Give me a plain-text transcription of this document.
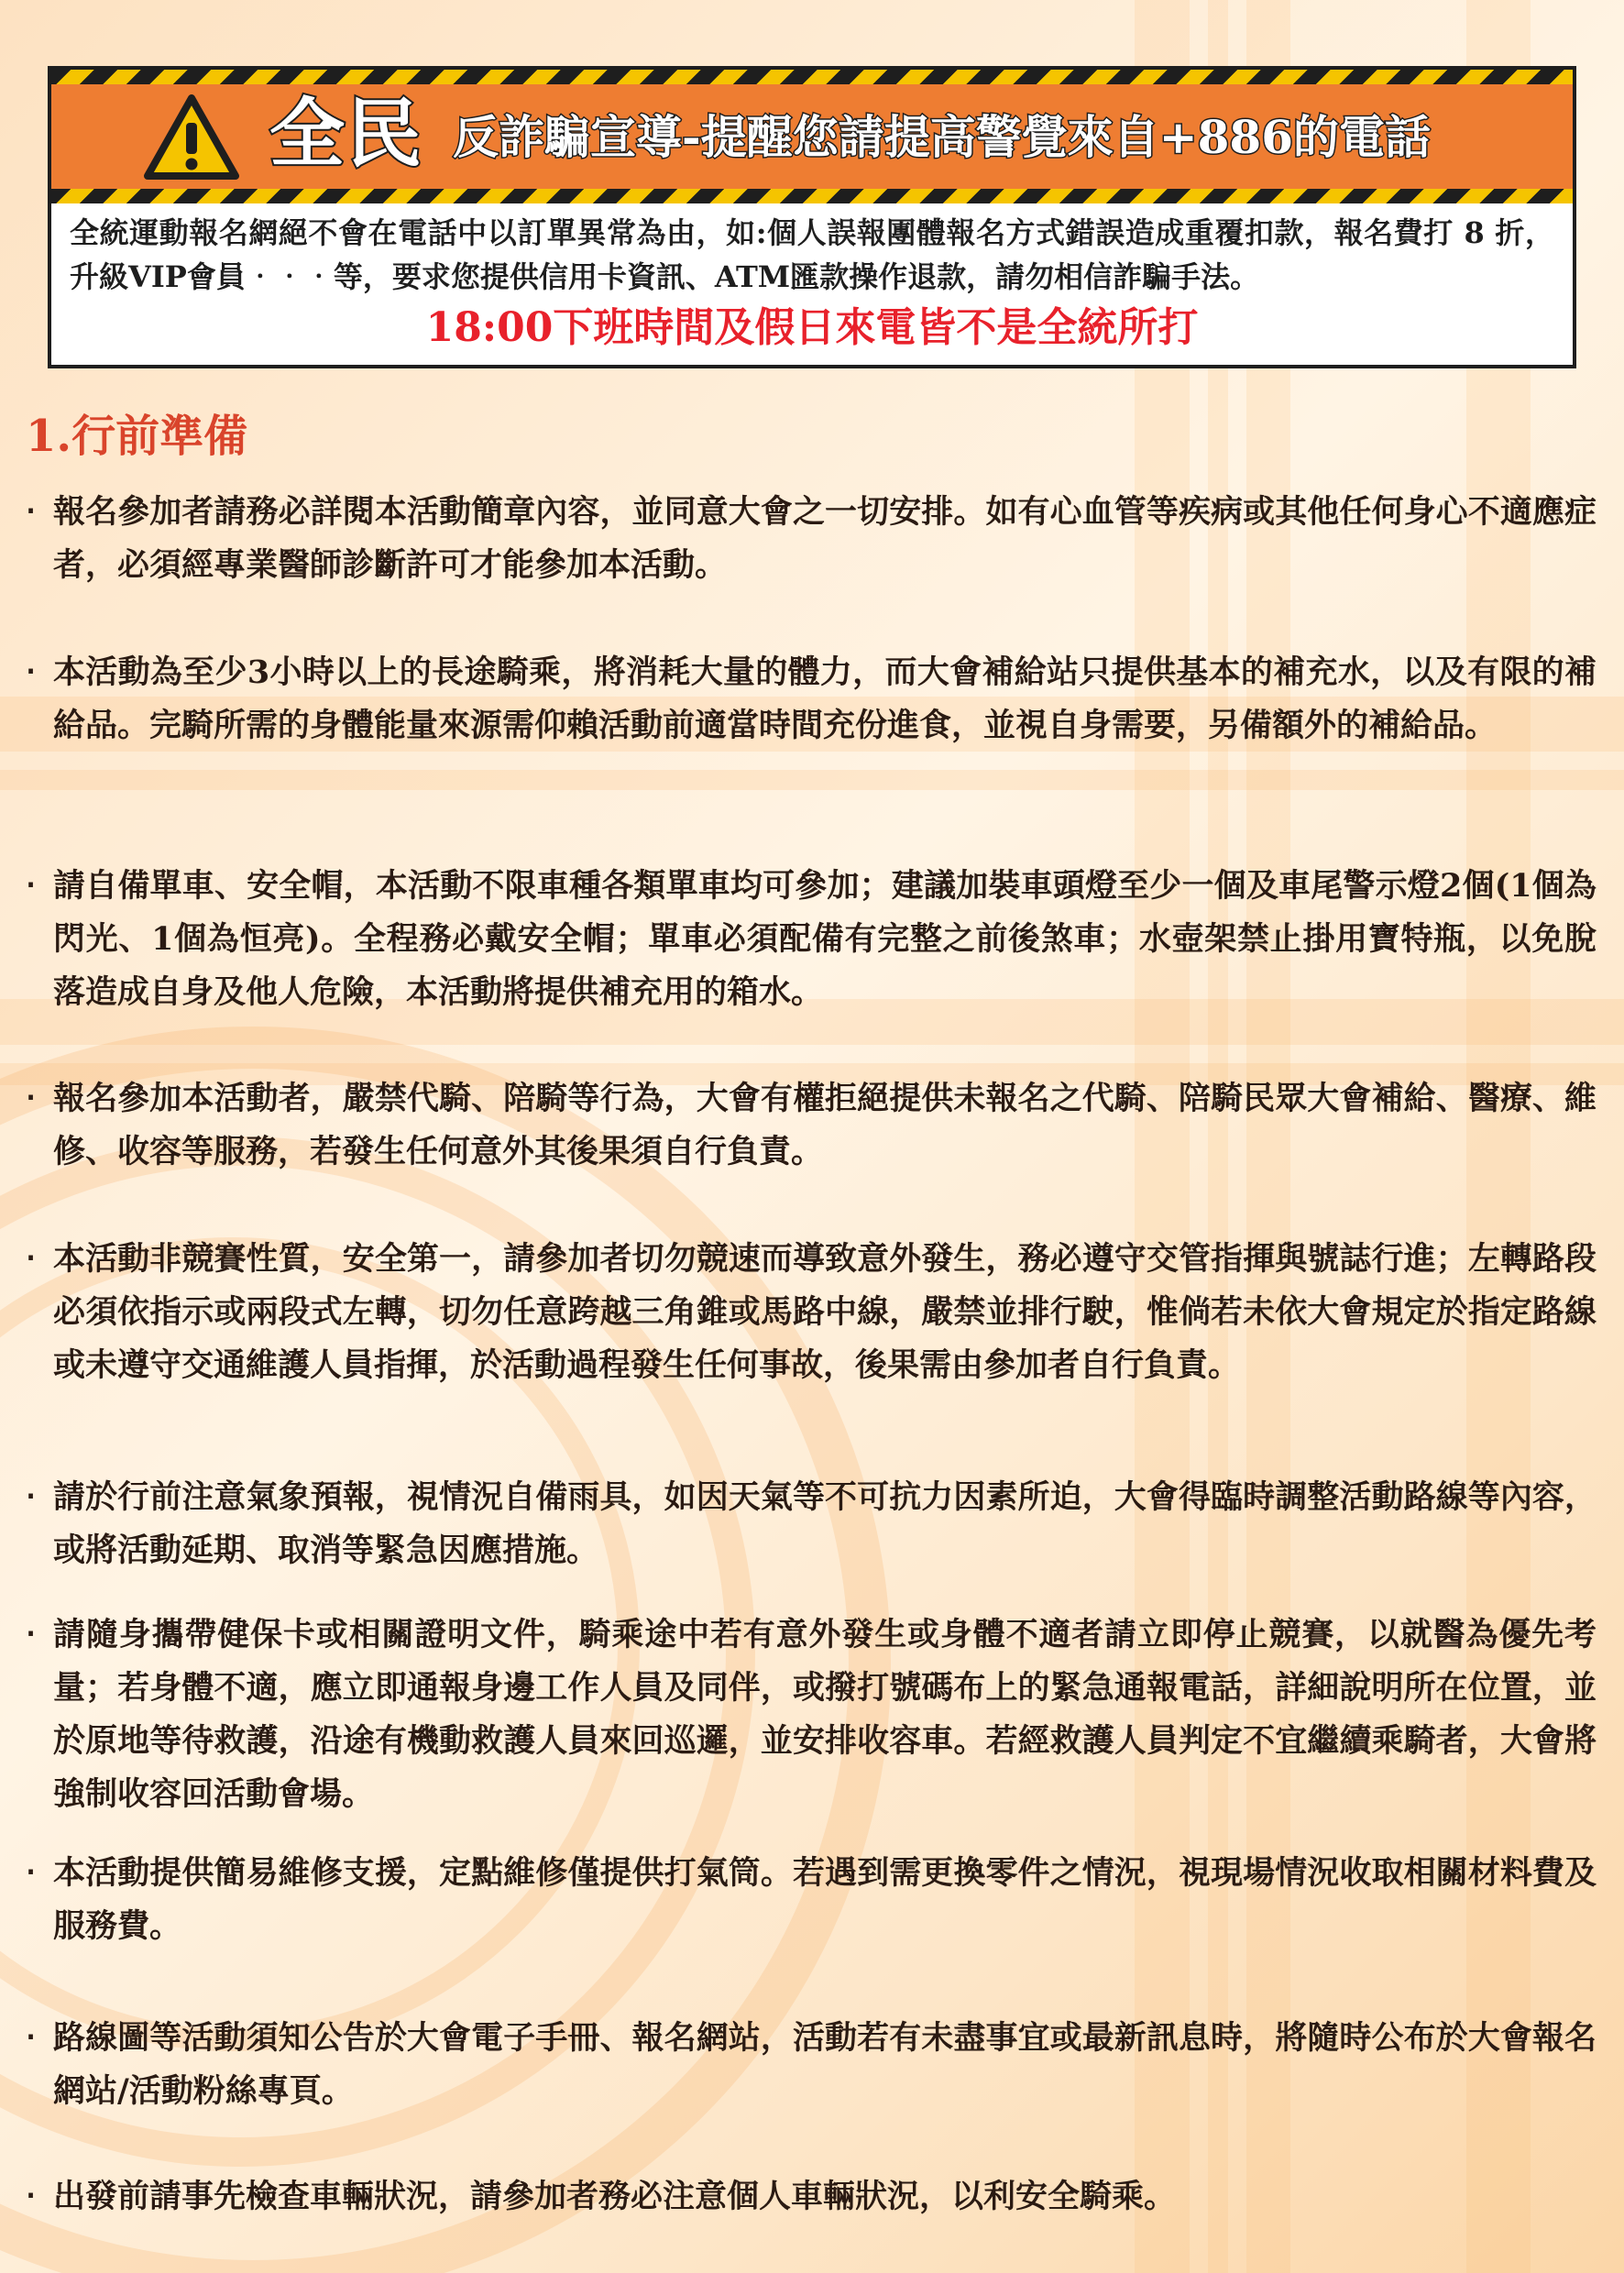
全民 反詐騙宣導-提醒您請提高警覺來自+886的電話
全統運動報名網絕不會在電話中以訂單異常為由，如:個人誤報團體報名方式錯誤造成重覆扣款，報名費打 8 折，升級VIP會員‧‧‧等，要求您提供信用卡資訊、ATM匯款操作退款，請勿相信詐騙手法。
18:00下班時間及假日來電皆不是全統所打
1.行前準備
‧ 報名參加者請務必詳閱本活動簡章內容，並同意大會之一切安排。如有心血管等疾病或其他任何身心不適應症者，必須經專業醫師診斷許可才能參加本活動。
‧ 本活動為至少3小時以上的長途騎乘，將消耗大量的體力，而大會補給站只提供基本的補充水，以及有限的補給品。完騎所需的身體能量來源需仰賴活動前適當時間充份進食，並視自身需要，另備額外的補給品。
‧ 請自備單車、安全帽，本活動不限車種各類單車均可參加；建議加裝車頭燈至少一個及車尾警示燈2個(1個為閃光、1個為恒亮)。全程務必戴安全帽；單車必須配備有完整之前後煞車；水壺架禁止掛用寶特瓶，以免脫落造成自身及他人危險，本活動將提供補充用的箱水。
‧ 報名參加本活動者，嚴禁代騎、陪騎等行為，大會有權拒絕提供未報名之代騎、陪騎民眾大會補給、醫療、維修、收容等服務，若發生任何意外其後果須自行負責。
‧ 本活動非競賽性質，安全第一，請參加者切勿競速而導致意外發生，務必遵守交管指揮與號誌行進；左轉路段必須依指示或兩段式左轉，切勿任意跨越三角錐或馬路中線，嚴禁並排行駛，惟倘若未依大會規定於指定路線或未遵守交通維護人員指揮，於活動過程發生任何事故，後果需由參加者自行負責。
‧ 請於行前注意氣象預報，視情況自備雨具，如因天氣等不可抗力因素所迫，大會得臨時調整活動路線等內容，或將活動延期、取消等緊急因應措施。
‧ 請隨身攜帶健保卡或相關證明文件，騎乘途中若有意外發生或身體不適者請立即停止競賽，以就醫為優先考量；若身體不適，應立即通報身邊工作人員及同伴，或撥打號碼布上的緊急通報電話，詳細說明所在位置，並於原地等待救護，沿途有機動救護人員來回巡邏，並安排收容車。若經救護人員判定不宜繼續乘騎者，大會將強制收容回活動會場。
‧ 本活動提供簡易維修支援，定點維修僅提供打氣筒。若遇到需更換零件之情況，視現場情況收取相關材料費及服務費。
‧ 路線圖等活動須知公告於大會電子手冊、報名網站，活動若有未盡事宜或最新訊息時，將隨時公布於大會報名網站/活動粉絲專頁。
‧ 出發前請事先檢查車輛狀況，請參加者務必注意個人車輛狀況，以利安全騎乘。
